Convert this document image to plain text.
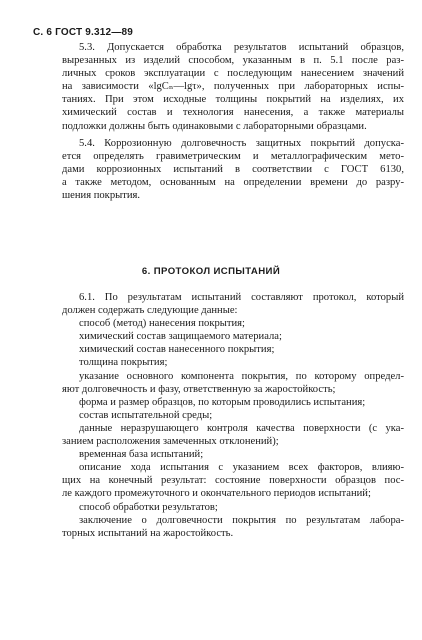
С. 6 ГОСТ 9.312—89
5.3. Допускается обработка результатов испытаний образцов,
вырезанных из изделий способом, указанным в п. 5.1 после раз-
личных сроков эксплуатации с последующим нанесением значений
на зависимости «lgCₙ—lgτ», полученных при лабораторных испы-
таниях. При этом исходные толщины покрытий на изделиях, их
химический состав и технология нанесения, а также материалы
подложки должны быть одинаковыми с лабораторными образцами.
5.4. Коррозионную долговечность защитных покрытий допуска-
ется определять гравиметрическим и металлографическим мето-
дами коррозионных испытаний в соответствии с ГОСТ 6130,
а также методом, основанным на определении времени до разру-
шения покрытия.
6. ПРОТОКОЛ ИСПЫТАНИЙ
6.1. По результатам испытаний составляют протокол, который
должен содержать следующие данные:
способ (метод) нанесения покрытия;
химический состав защищаемого материала;
химический состав нанесенного покрытия;
толщина покрытия;
указание основного компонента покрытия, по которому определ-
яют долговечность и фазу, ответственную за жаростойкость;
форма и размер образцов, по которым проводились испытания;
состав испытательной среды;
данные неразрушающего контроля качества поверхности (с ука-
занием расположения замеченных отклонений);
временная база испытаний;
описание хода испытания с указанием всех факторов, влияю-
щих на конечный результат: состояние поверхности образцов пос-
ле каждого промежуточного и окончательного периодов испытаний;
способ обработки результатов;
заключение о долговечности покрытия по результатам лабора-
торных испытаний на жаростойкость.
